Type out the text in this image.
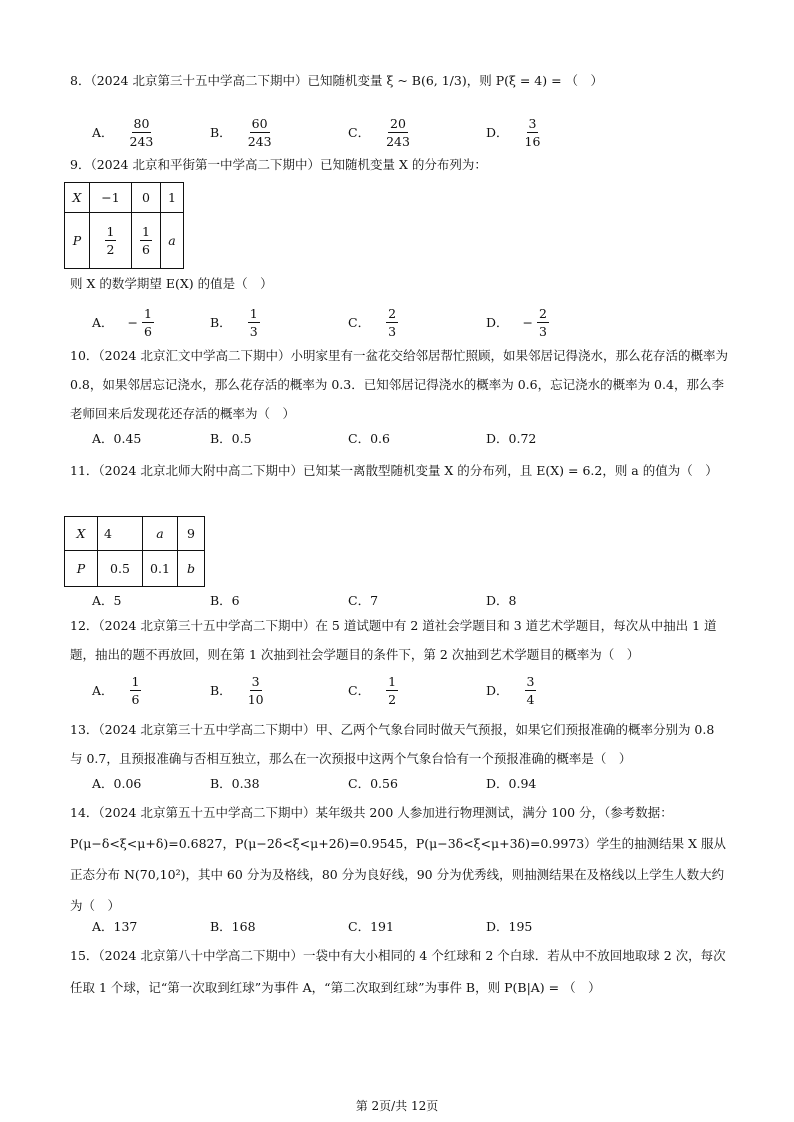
8．（2024 北京第三十五中学高二下期中）已知随机变量 ξ ~ B(6, 1/3)，则 P(ξ = 4) = （　）
A． $\frac{80}{243}$	B． $\frac{60}{243}$	C． $\frac{20}{243}$	D． $\frac{3}{16}$
9．（2024 北京和平街第一中学高二下期中）已知随机变量 X 的分布列为：
X	−1	0	1
P	$\frac{1}{2}$	$\frac{1}{6}$	a
则 X 的数学期望 E(X) 的值是（　）
A． − $\frac{1}{6}$	B． $\frac{1}{3}$	C． $\frac{2}{3}$	D． − $\frac{2}{3}$
10．（2024 北京汇文中学高二下期中）小明家里有一盆花交给邻居帮忙照顾，如果邻居记得浇水，那么花存活的概率为 0.8，如果邻居忘记浇水，那么花存活的概率为 0.3．已知邻居记得浇水的概率为 0.6，忘记浇水的概率为 0.4，那么李老师回来后发现花还存活的概率为（　）
A．0.45	B．0.5	C．0.6	D．0.72
11．（2024 北京北师大附中高二下期中）已知某一离散型随机变量 X 的分布列，且 E(X) = 6.2，则 a 的值为（　）
X	4	a	9
P	0.5	0.1	b
A．5	B．6	C．7	D．8
12．（2024 北京第三十五中学高二下期中）在 5 道试题中有 2 道社会学题目和 3 道艺术学题目，每次从中抽出 1 道题，抽出的题不再放回，则在第 1 次抽到社会学题目的条件下，第 2 次抽到艺术学题目的概率为（　）
A． $\frac{1}{6}$	B． $\frac{3}{10}$	C． $\frac{1}{2}$	D． $\frac{3}{4}$
13．（2024 北京第三十五中学高二下期中）甲、乙两个气象台同时做天气预报，如果它们预报准确的概率分别为 0.8 与 0.7，且预报准确与否相互独立，那么在一次预报中这两个气象台恰有一个预报准确的概率是（　）
A．0.06	B．0.38	C．0.56	D．0.94
14．（2024 北京第五十五中学高二下期中）某年级共 200 人参加进行物理测试，满分 100 分，（参考数据：P(μ−δ<ξ<μ+δ)=0.6827，P(μ−2δ<ξ<μ+2δ)=0.9545，P(μ−3δ<ξ<μ+3δ)=0.9973）学生的抽测结果 X 服从正态分布 N(70,10²)，其中 60 分为及格线，80 分为良好线，90 分为优秀线，则抽测结果在及格线以上学生人数大约为（　）
A．137	B．168	C．191	D．195
15．（2024 北京第八十中学高二下期中）一袋中有大小相同的 4 个红球和 2 个白球．若从中不放回地取球 2 次，每次任取 1 个球，记“第一次取到红球”为事件 A，“第二次取到红球”为事件 B，则 P(B|A) = （　）
第 2页/共 12页
